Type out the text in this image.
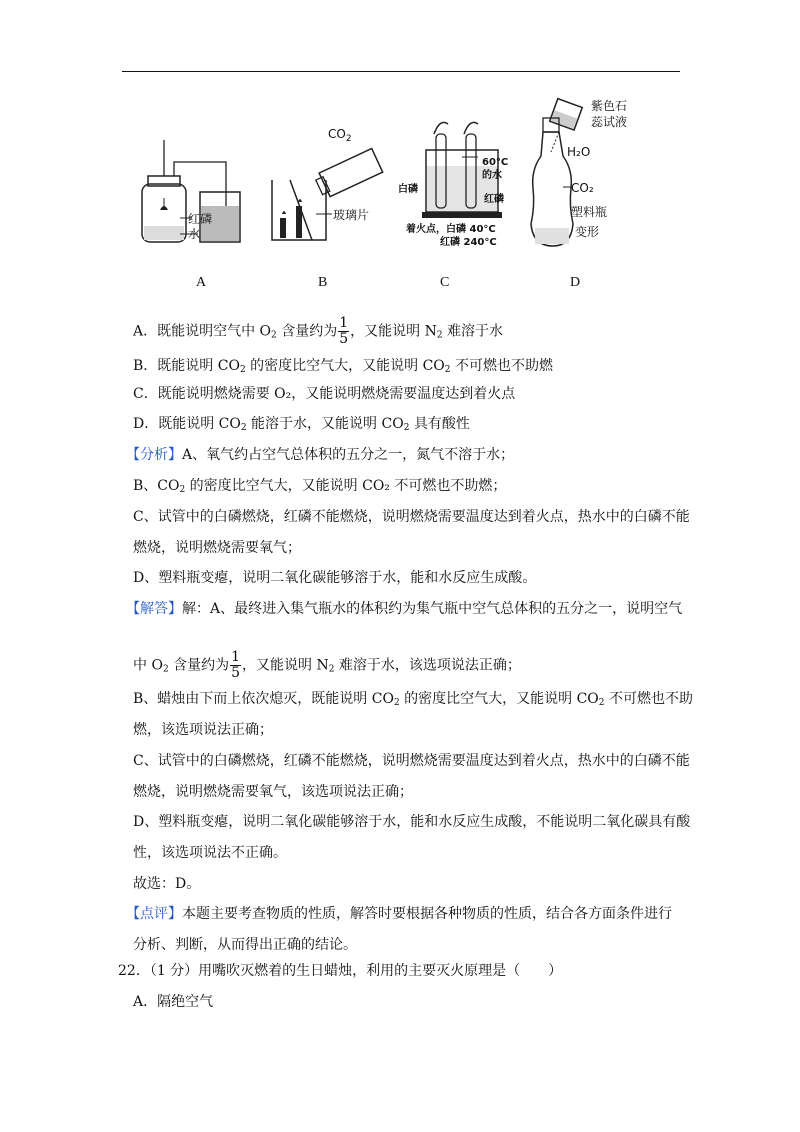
红磷
水
A
$CO_2$
玻璃片
B
60°C
的水
白磷
红磷
着火点，白磷 40°C
红磷 240°C
C
紫色石
蕊试液
H₂O
CO₂
塑料瓶
变形
D
A．既能说明空气中 $O_2$ 含量约为 $\frac{1}{5}$ ，又能说明 $N_2$ 难溶于水
B．既能说明 $CO_2$ 的密度比空气大，又能说明 $CO_2$ 不可燃也不助燃
C．既能说明燃烧需要 O₂，又能说明燃烧需要温度达到着火点
D．既能说明 $CO_2$ 能溶于水，又能说明 $CO_2$ 具有酸性
【分析】A、氧气约占空气总体积的五分之一，氮气不溶于水；
B、$CO_2$ 的密度比空气大，又能说明 CO₂ 不可燃也不助燃；
C、试管中的白磷燃烧，红磷不能燃烧，说明燃烧需要温度达到着火点，热水中的白磷不能
燃烧，说明燃烧需要氧气；
D、塑料瓶变瘪，说明二氧化碳能够溶于水，能和水反应生成酸。
【解答】解：A、最终进入集气瓶水的体积约为集气瓶中空气总体积的五分之一，说明空气
中 $O_2$ 含量约为 $\frac{1}{5}$ ，又能说明 $N_2$ 难溶于水，该选项说法正确；
B、蜡烛由下而上依次熄灭，既能说明 $CO_2$ 的密度比空气大，又能说明 $CO_2$ 不可燃也不助
燃，该选项说法正确；
C、试管中的白磷燃烧，红磷不能燃烧，说明燃烧需要温度达到着火点，热水中的白磷不能
燃烧，说明燃烧需要氧气，该选项说法正确；
D、塑料瓶变瘪，说明二氧化碳能够溶于水，能和水反应生成酸，不能说明二氧化碳具有酸
性，该选项说法不正确。
故选：D。
【点评】本题主要考查物质的性质，解答时要根据各种物质的性质，结合各方面条件进行
分析、判断，从而得出正确的结论。
22．（1 分）用嘴吹灭燃着的生日蜡烛，利用的主要灭火原理是（　　）
A．隔绝空气
